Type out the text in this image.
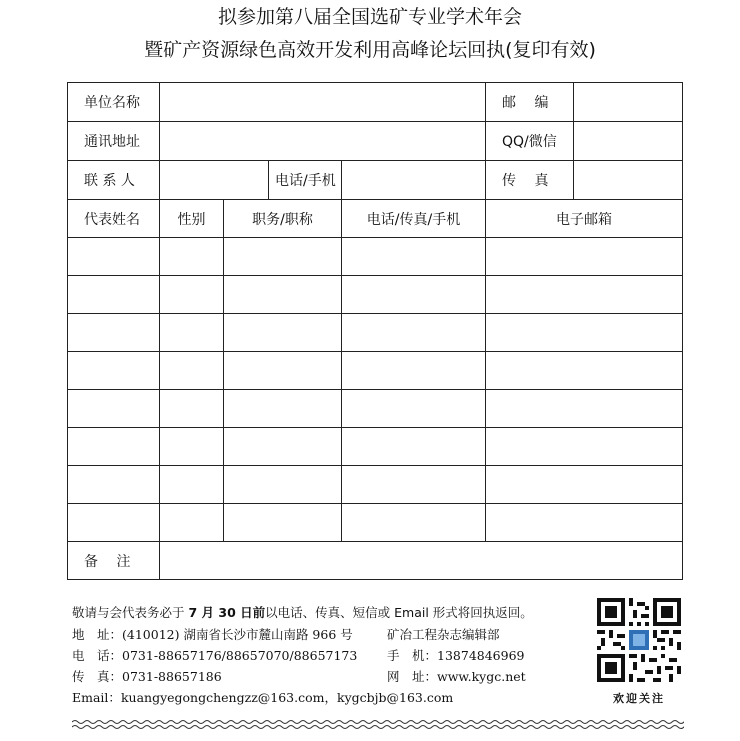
拟参加第八届全国选矿专业学术年会
暨矿产资源绿色高效开发利用高峰论坛回执(复印有效)
单位名称					邮　 编	
通讯地址					QQ/微信	
联 系 人			电话/手机		传　 真	
代表姓名	性别	职务/职称		电话/传真/手机	电子邮箱	

备　 注						
敬请与会代表务必于 7 月 30 日前以电话、传真、短信或 Email 形式将回执返回。
地　址：(410012) 湖南省长沙市麓山南路 966 号	矿冶工程杂志编辑部
电　话：0731-88657176/88657070/88657173 手　机：13874846969
传　真：0731-88657186	网　址：www.kygc.net
Email：kuangyegongchengzz@163.com，kygcbjb@163.com	欢迎关注
